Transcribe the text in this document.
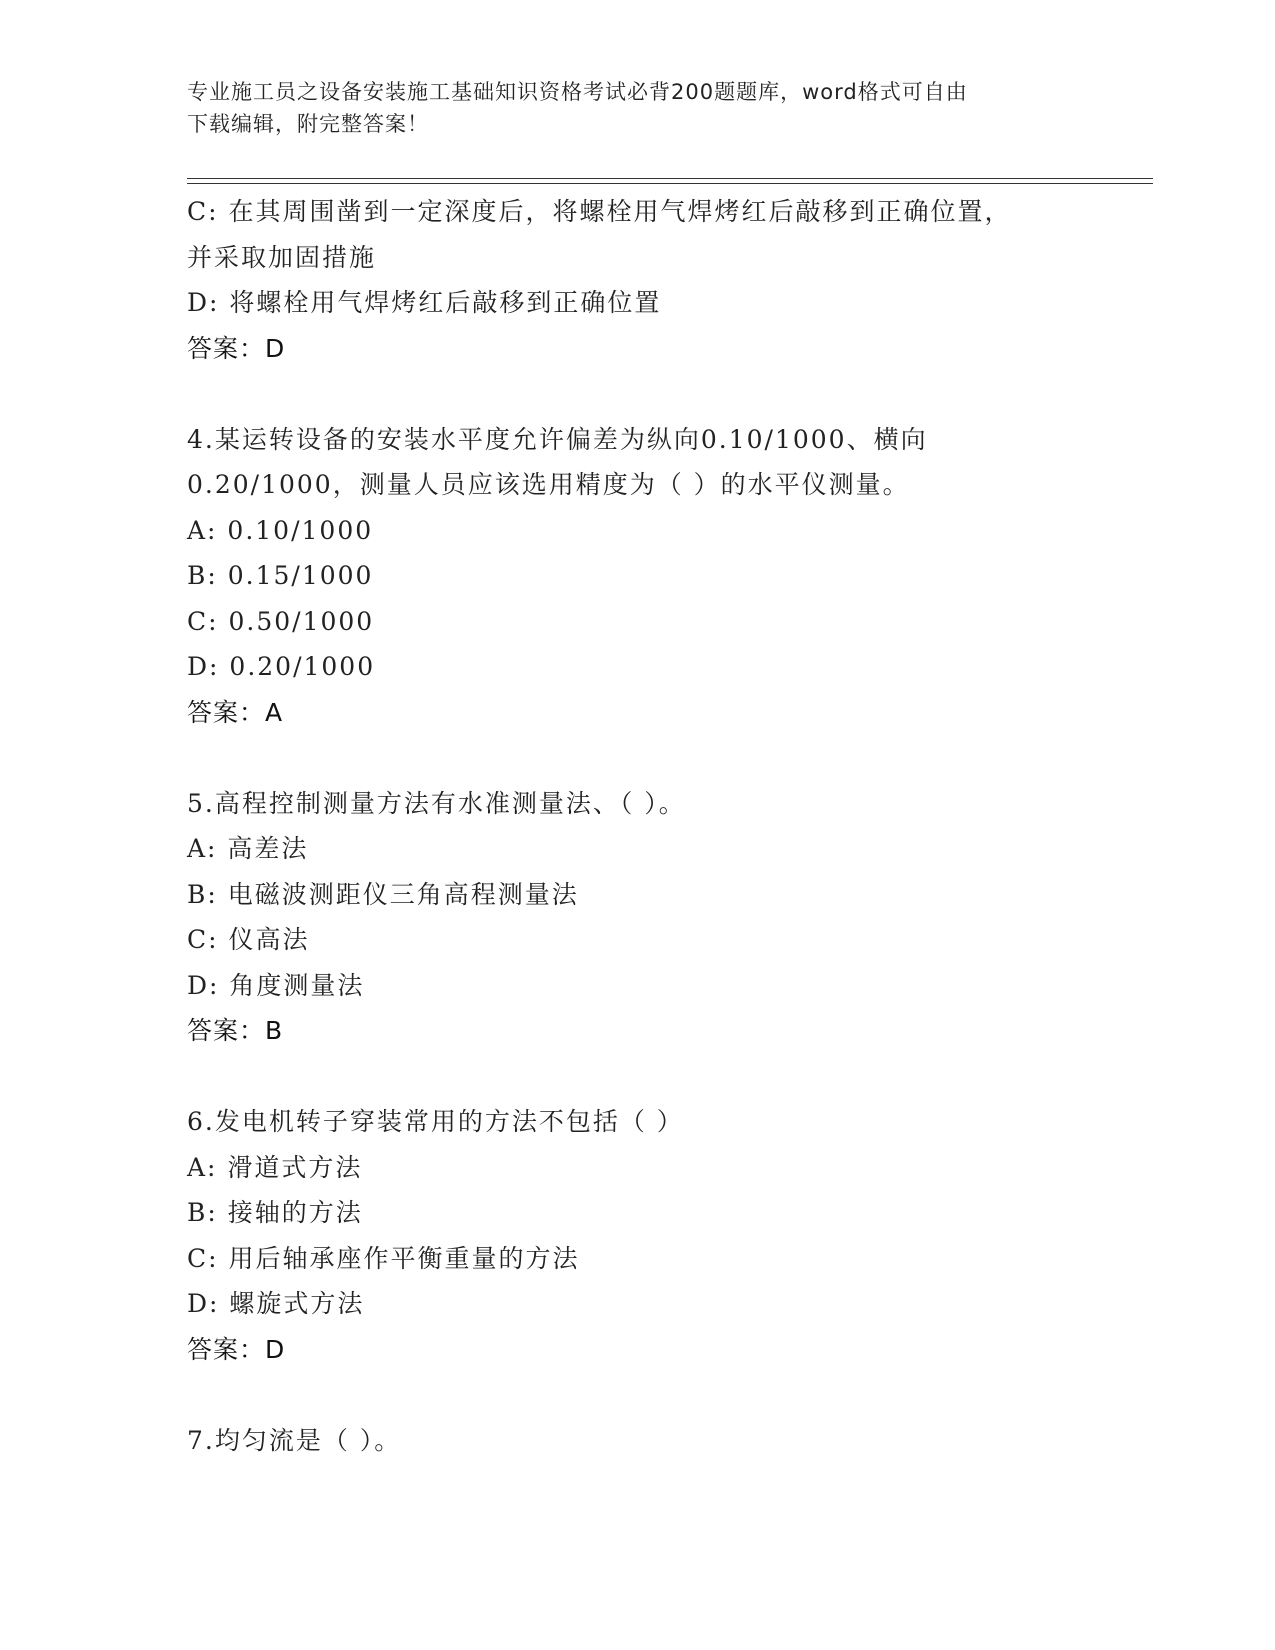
专业施工员之设备安装施工基础知识资格考试必背200题题库，word格式可自由
下载编辑，附完整答案！
C: 在其周围凿到一定深度后，将螺栓用气焊烤红后敲移到正确位置，
并采取加固措施
D: 将螺栓用气焊烤红后敲移到正确位置
答案：D
4.某运转设备的安装水平度允许偏差为纵向0.10/1000、横向
0.20/1000，测量人员应该选用精度为（ ）的水平仪测量。
A: 0.10/1000
B: 0.15/1000
C: 0.50/1000
D: 0.20/1000
答案：A
5.高程控制测量方法有水准测量法、（ ）。
A: 高差法
B: 电磁波测距仪三角高程测量法
C: 仪高法
D: 角度测量法
答案：B
6.发电机转子穿装常用的方法不包括（ ）
A: 滑道式方法
B: 接轴的方法
C: 用后轴承座作平衡重量的方法
D: 螺旋式方法
答案：D
7.均匀流是（ ）。
